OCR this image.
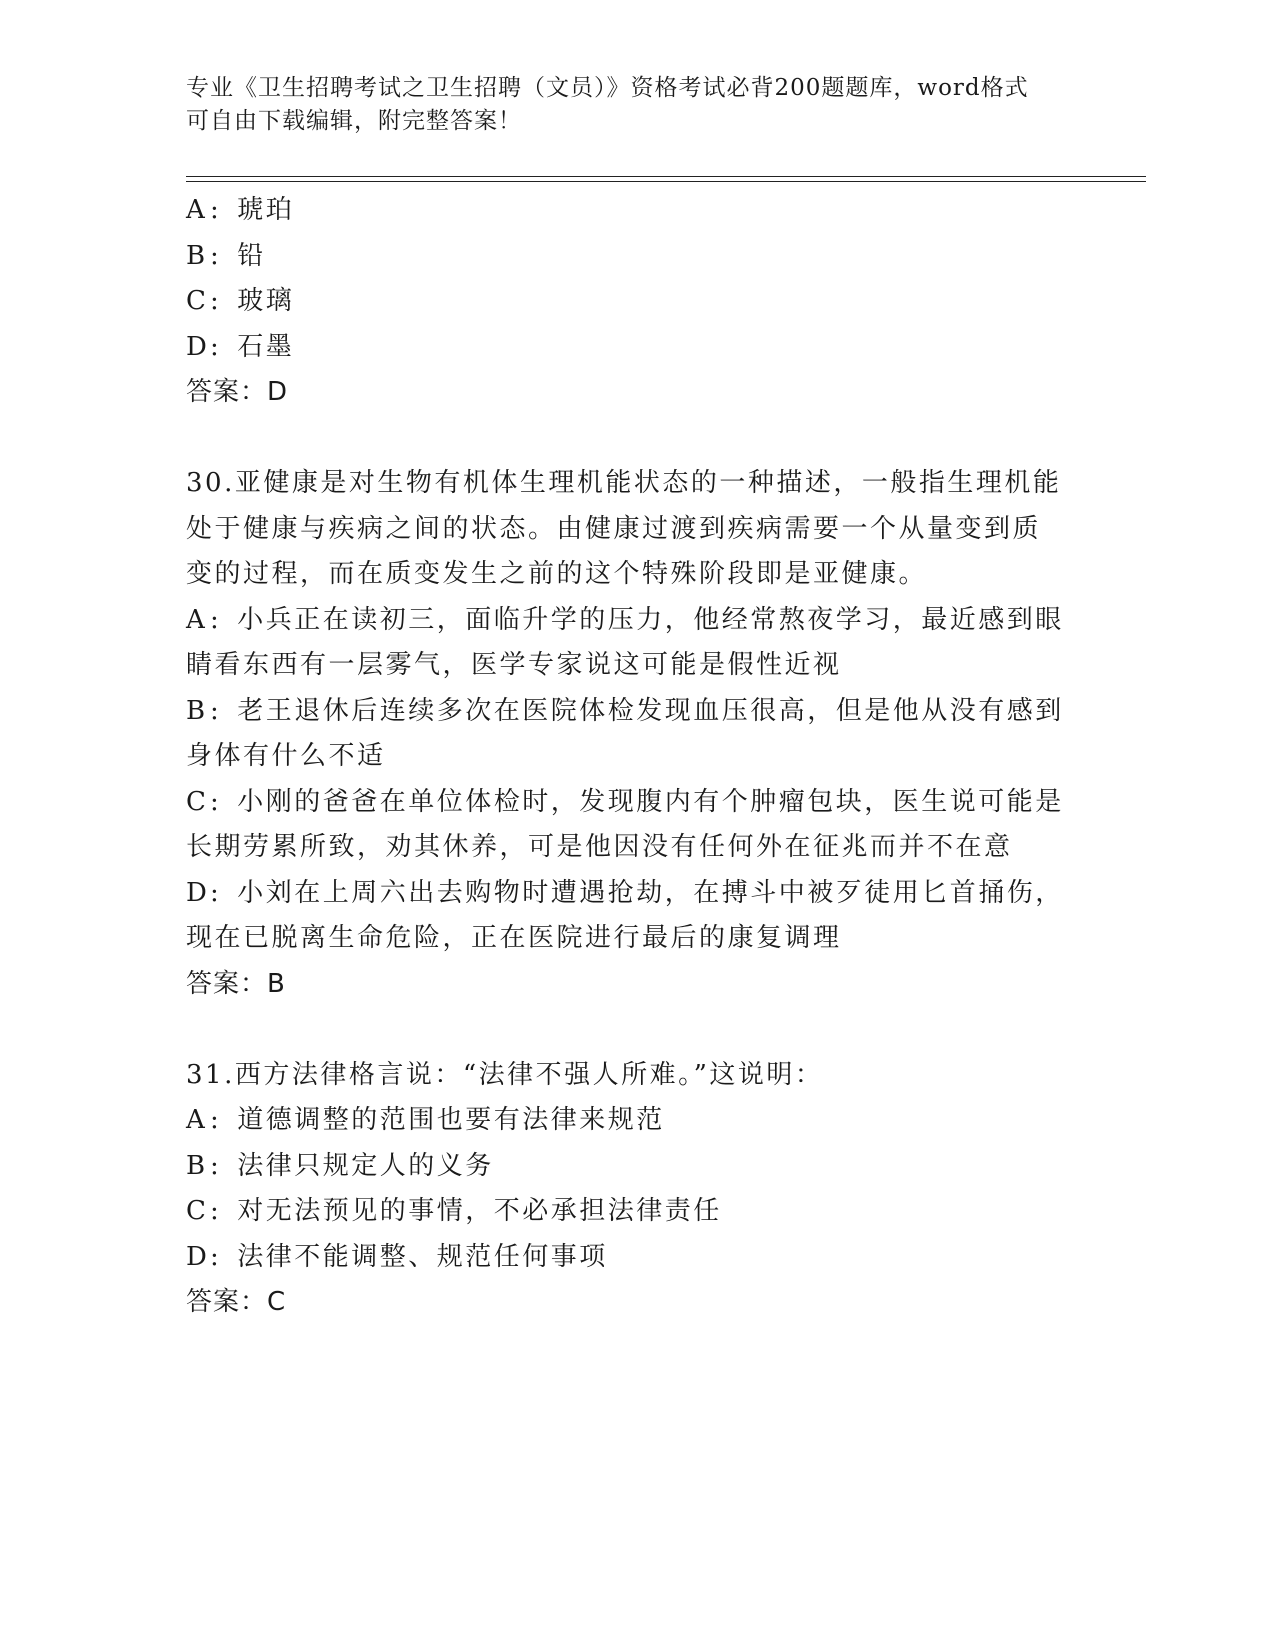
专业《卫生招聘考试之卫生招聘（文员）》资格考试必背200题题库，word格式
可自由下载编辑，附完整答案！
A : 琥珀
B: 铅
C: 玻璃
D: 石墨
答案：D
30.亚健康是对生物有机体生理机能状态的一种描述，一般指生理机能
处于健康与疾病之间的状态。由健康过渡到疾病需要一个从量变到质
变的过程，而在质变发生之前的这个特殊阶段即是亚健康。
A : 小兵正在读初三，面临升学的压力，他经常熬夜学习，最近感到眼
睛看东西有一层雾气，医学专家说这可能是假性近视
B: 老王退休后连续多次在医院体检发现血压很高，但是他从没有感到
身体有什么不适
C: 小刚的爸爸在单位体检时，发现腹内有个肿瘤包块，医生说可能是
长期劳累所致，劝其休养，可是他因没有任何外在征兆而并不在意
D: 小刘在上周六出去购物时遭遇抢劫，在搏斗中被歹徒用匕首捅伤，
现在已脱离生命危险，正在医院进行最后的康复调理
答案：B
31.西方法律格言说：“法律不强人所难。”这说明：
A : 道德调整的范围也要有法律来规范
B: 法律只规定人的义务
C: 对无法预见的事情，不必承担法律责任
D: 法律不能调整、规范任何事项
答案：C
